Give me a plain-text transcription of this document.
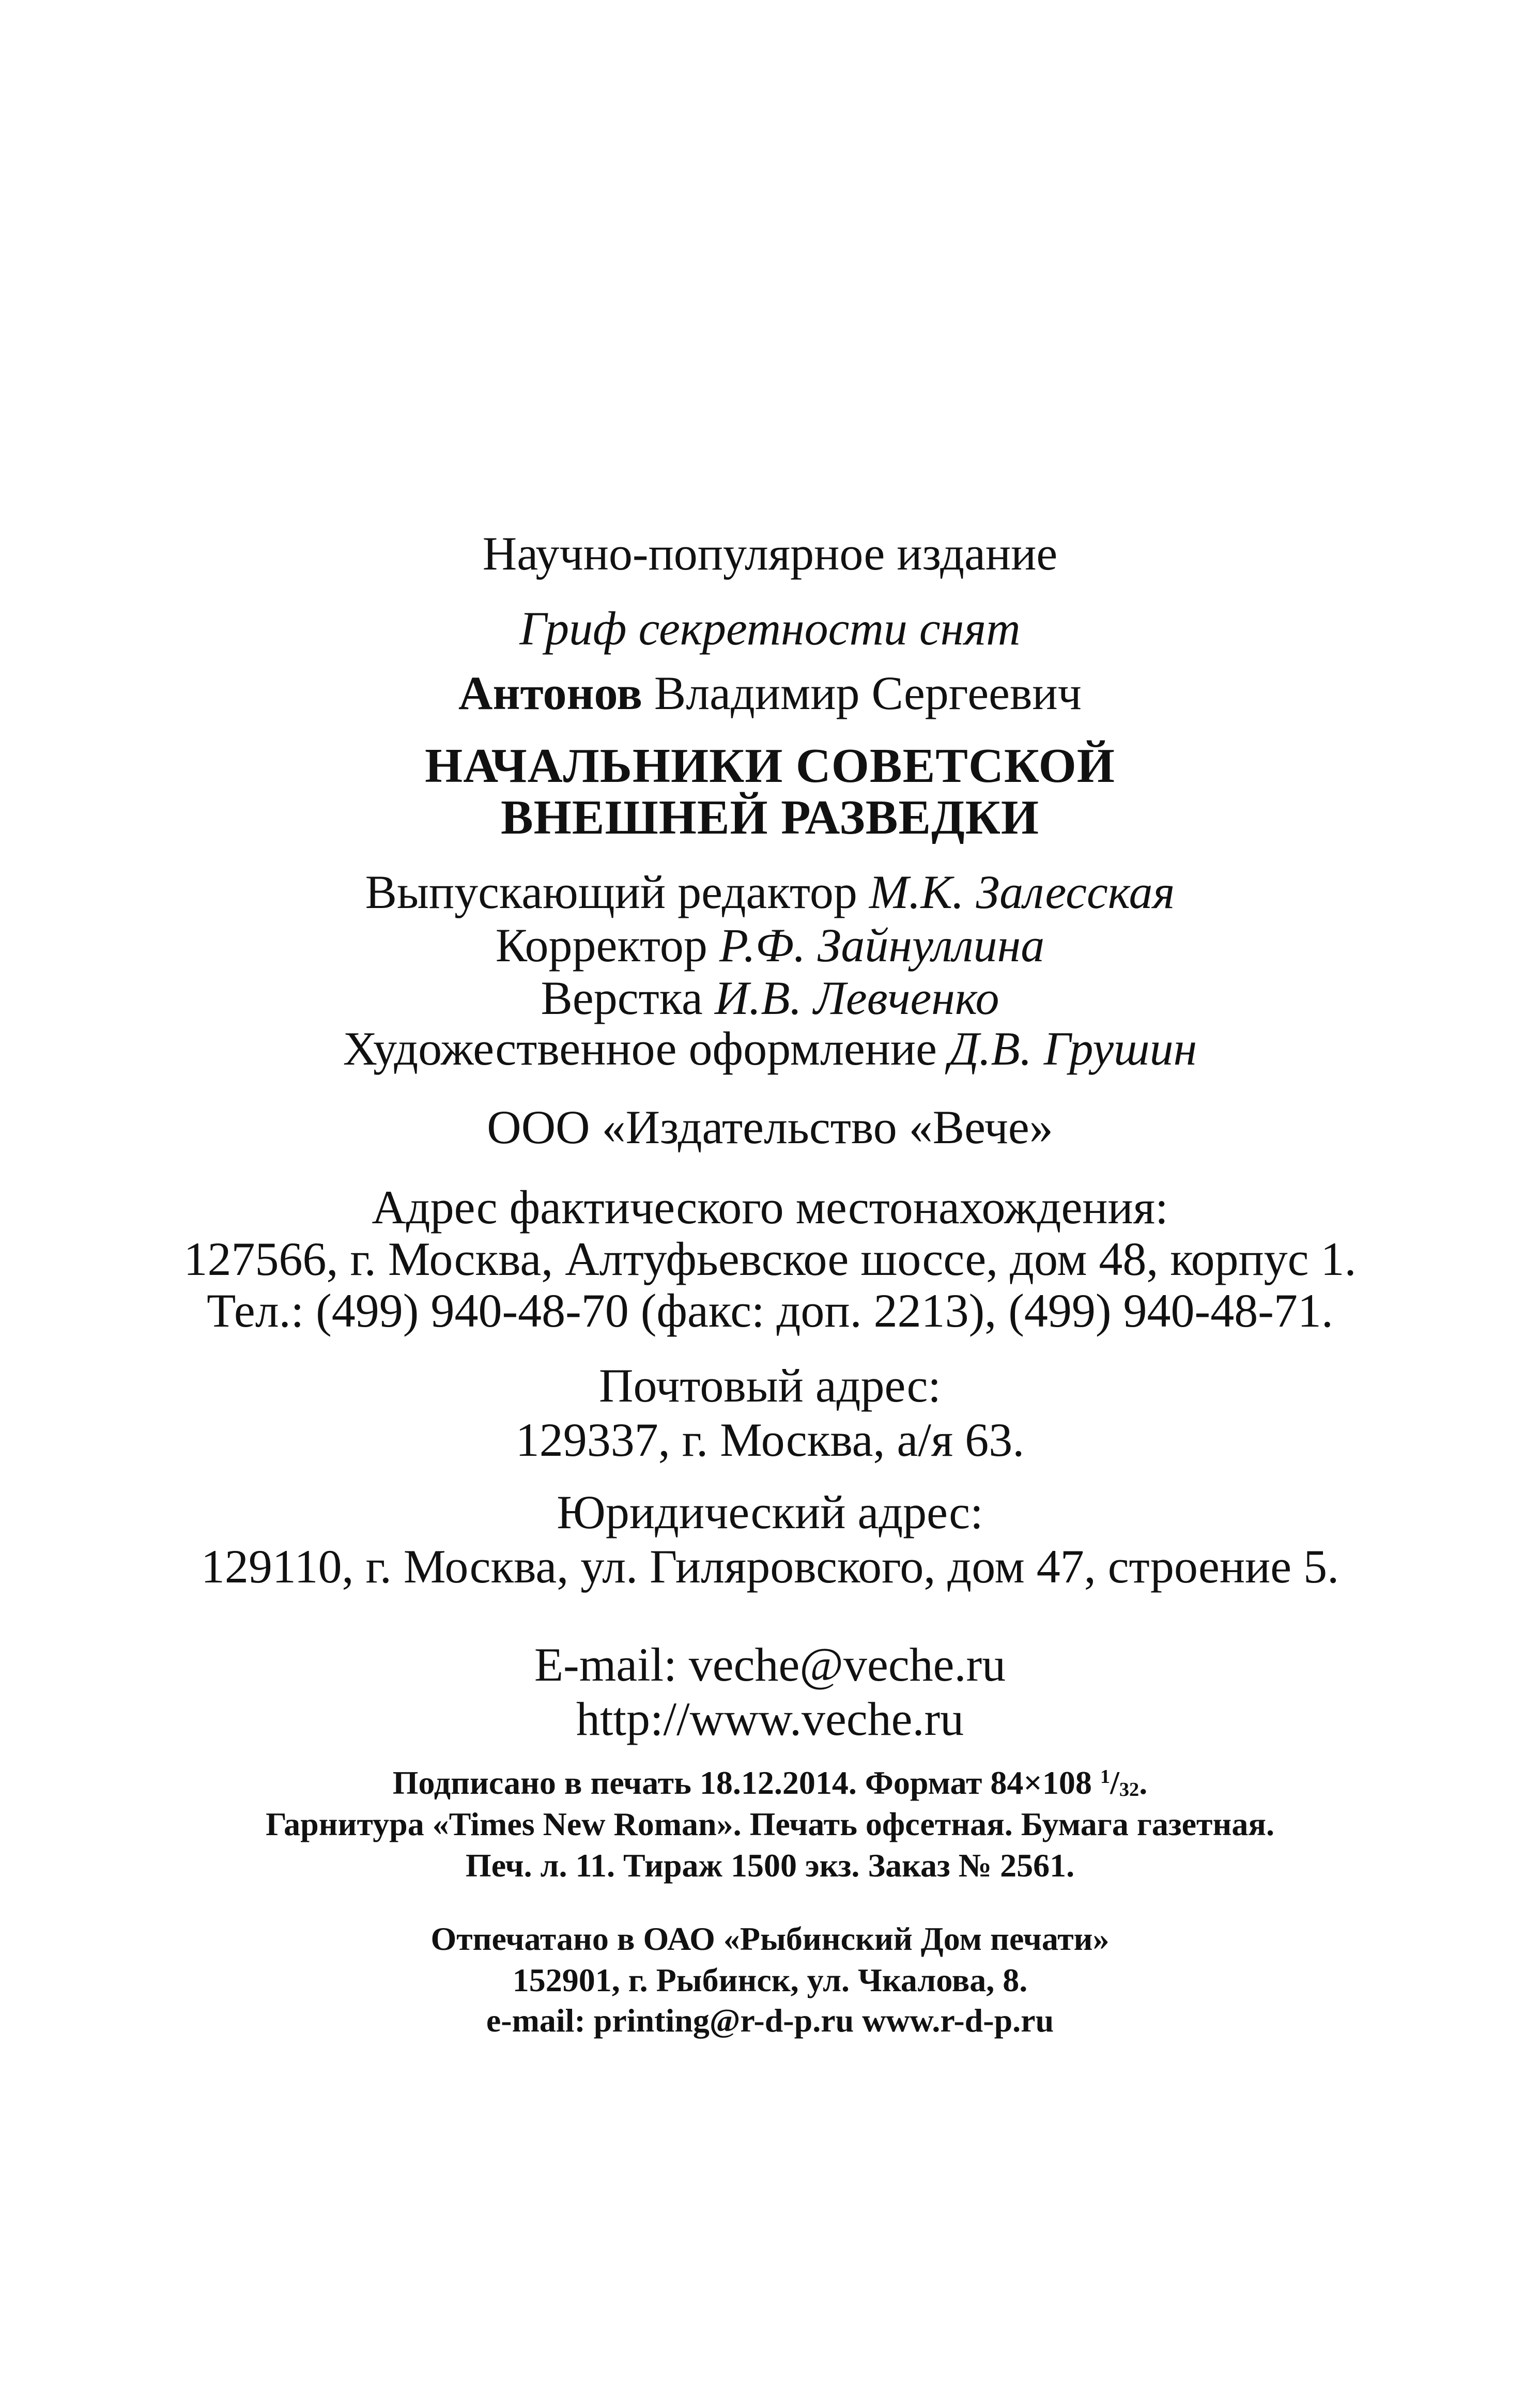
Научно-популярное издание
Гриф секретности снят
Антонов Владимир Сергеевич
НАЧАЛЬНИКИ СОВЕТСКОЙ
ВНЕШНЕЙ РАЗВЕДКИ
Выпускающий редактор М.К. Залесская
Корректор Р.Ф. Зайнуллина
Верстка И.В. Левченко
Художественное оформление Д.В. Грушин
ООО «Издательство «Вече»
Адрес фактического местонахождения:
127566, г. Москва, Алтуфьевское шоссе, дом 48, корпус 1.
Тел.: (499) 940-48-70 (факс: доп. 2213), (499) 940-48-71.
Почтовый адрес:
129337, г. Москва, а/я 63.
Юридический адрес:
129110, г. Москва, ул. Гиляровского, дом 47, строение 5.
E-mail: veche@veche.ru
http://www.veche.ru
Подписано в печать 18.12.2014. Формат 84×108 $^1/_{32}$.
Гарнитура «Times New Roman». Печать офсетная. Бумага газетная.
Печ. л. 11. Тираж 1500 экз. Заказ № 2561.
Отпечатано в ОАО «Рыбинский Дом печати»
152901, г. Рыбинск, ул. Чкалова, 8.
e-mail: printing@r-d-p.ru www.r-d-p.ru
